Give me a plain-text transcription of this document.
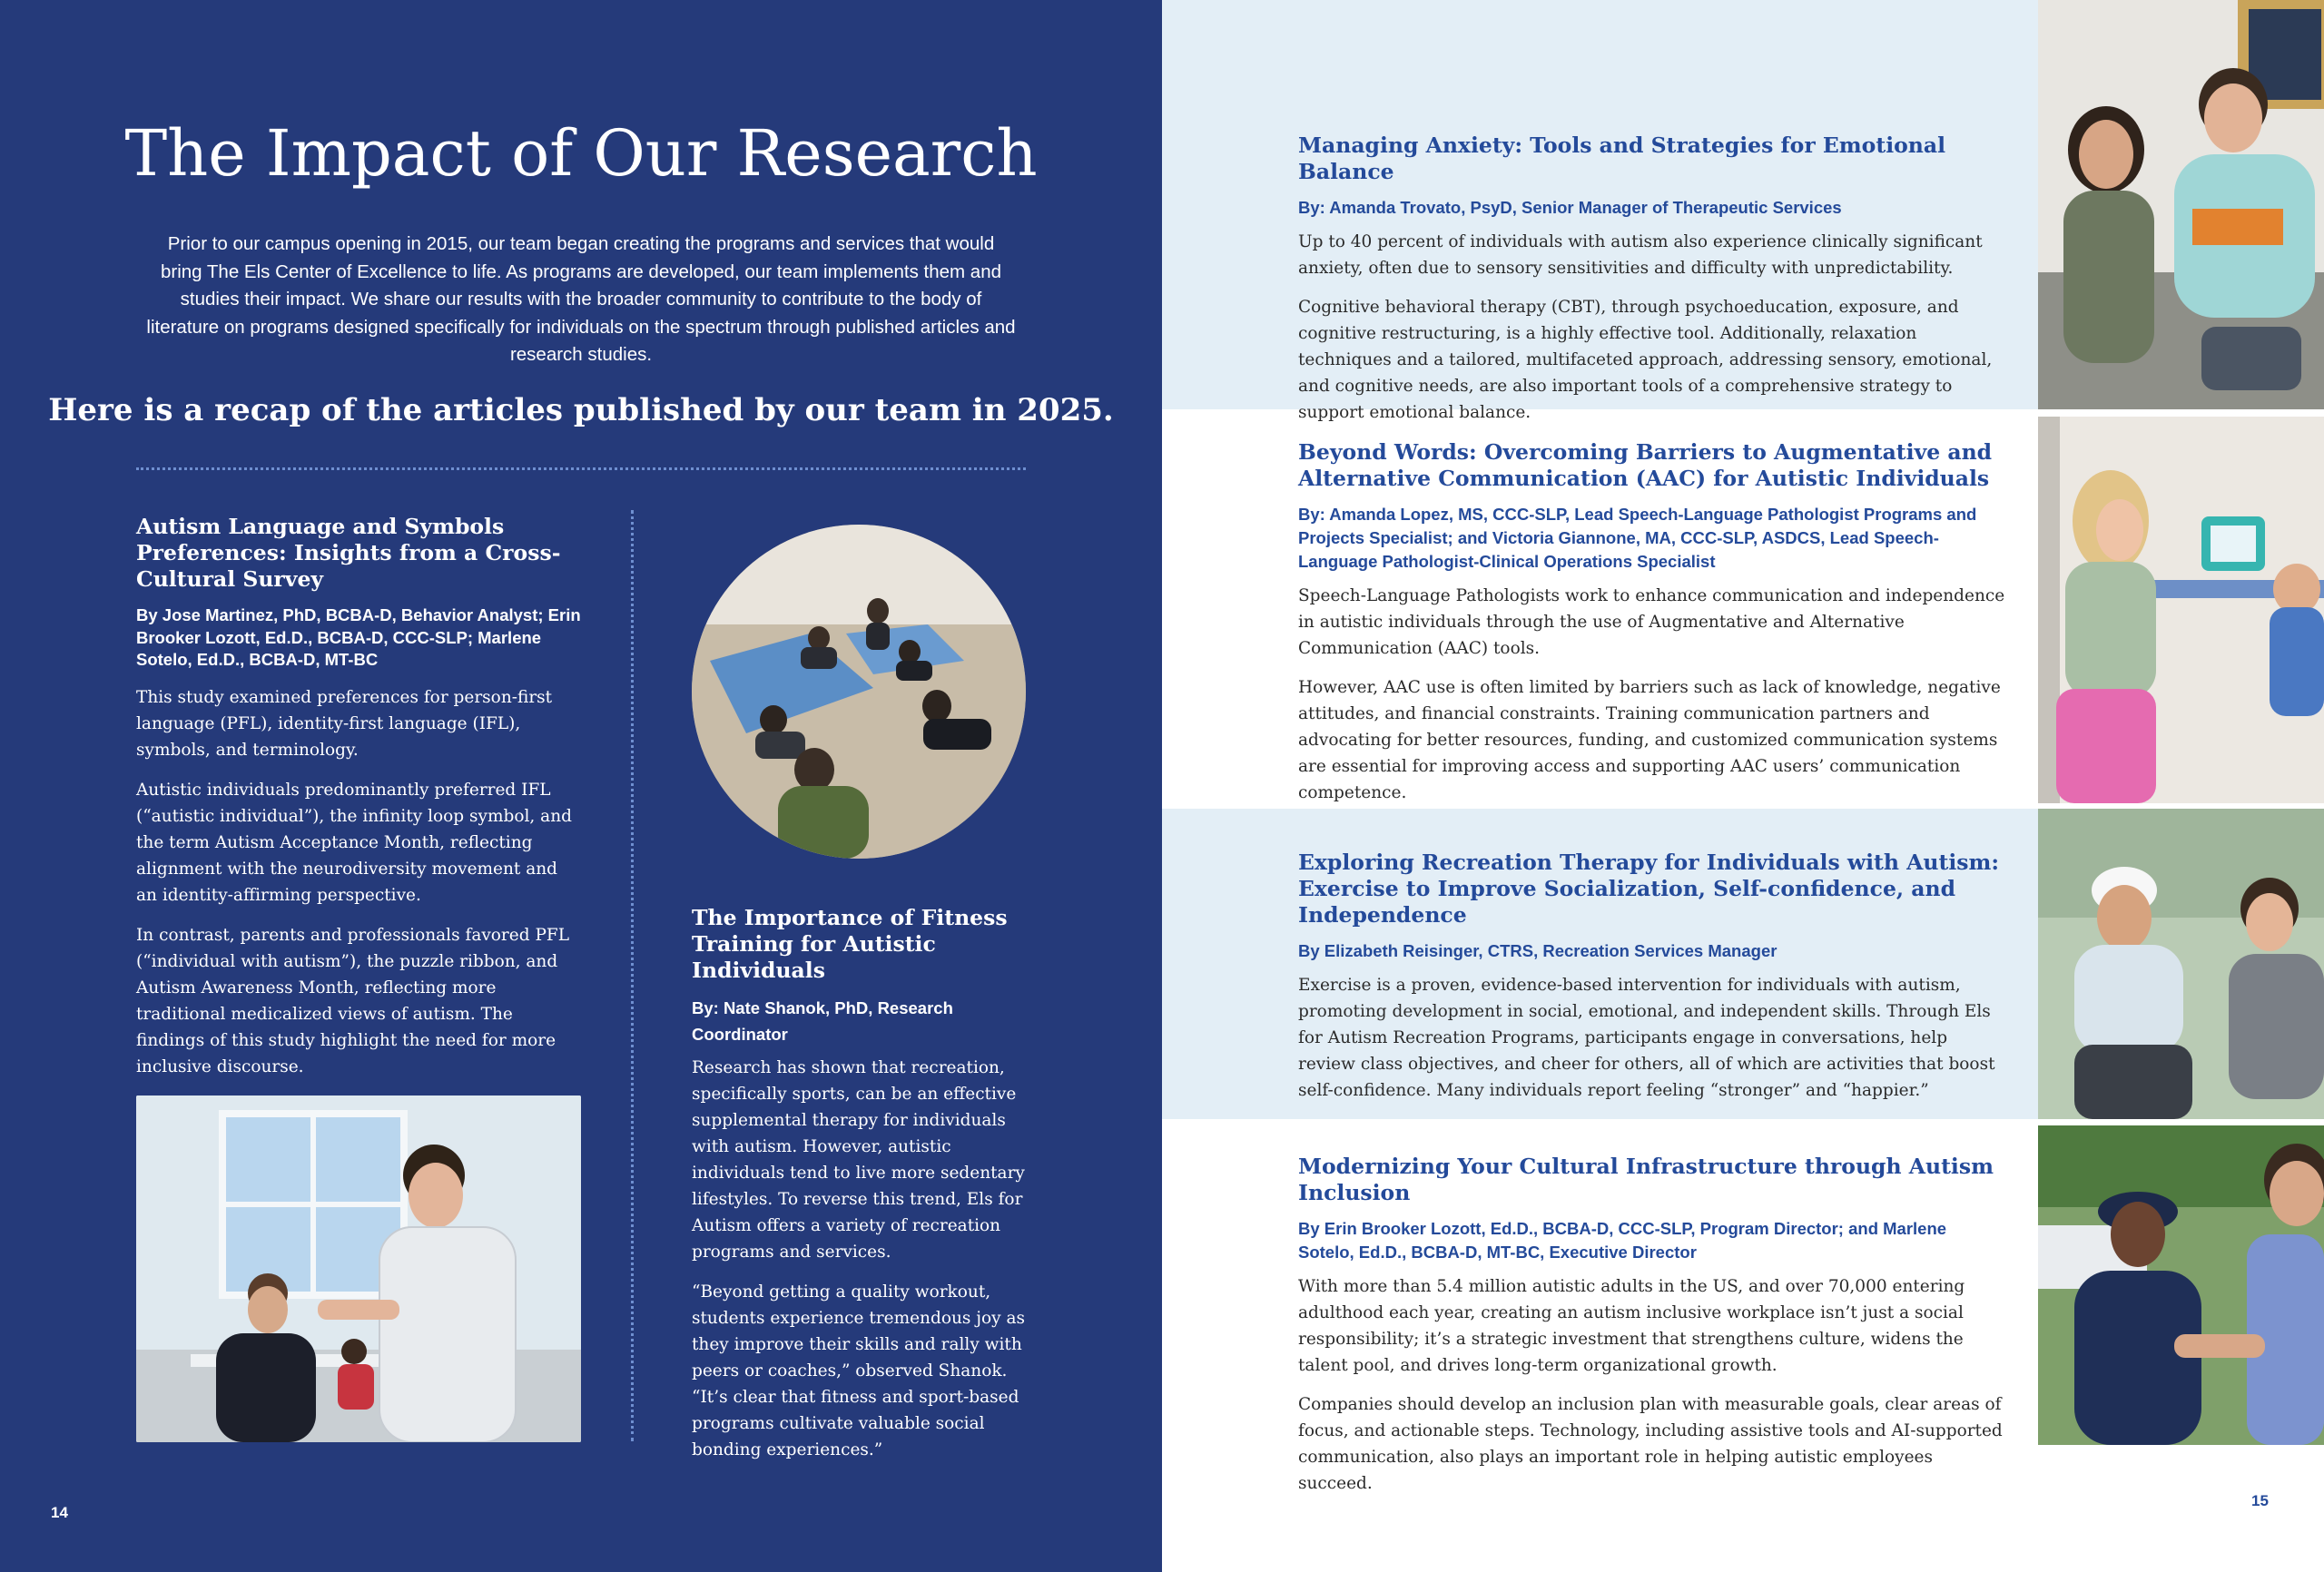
The Impact of Our Research

Prior to our campus opening in 2015, our team began creating the programs and services that would bring The Els Center of Excellence to life. As programs are developed, our team implements them and studies their impact. We share our results with the broader community to contribute to the body of literature on programs designed specifically for individuals on the spectrum through published articles and research studies.

Here is a recap of the articles published by our team in 2025.
Autism Language and Symbols Preferences: Insights from a Cross-Cultural Survey

By Jose Martinez, PhD, BCBA-D, Behavior Analyst; Erin Brooker Lozott, Ed.D., BCBA-D, CCC-SLP; Marlene Sotelo, Ed.D., BCBA-D, MT-BC

This study examined preferences for person-first language (PFL), identity-first language (IFL), symbols, and terminology.

Autistic individuals predominantly preferred IFL (“autistic individual”), the infinity loop symbol, and the term Autism Acceptance Month, reflecting alignment with the neurodiversity movement and an identity-affirming perspective.

In contrast, parents and professionals favored PFL (“individual with autism”), the puzzle ribbon, and Autism Awareness Month, reflecting more traditional medicalized views of autism. The findings of this study highlight the need for more inclusive discourse.

The Importance of Fitness Training for Autistic Individuals

By: Nate Shanok, PhD, Research Coordinator

Research has shown that recreation, specifically sports, can be an effective supplemental therapy for individuals with autism. However, autistic individuals tend to live more sedentary lifestyles. To reverse this trend, Els for Autism offers a variety of recreation programs and services.

“Beyond getting a quality workout, students experience tremendous joy as they improve their skills and rally with peers or coaches,” observed Shanok. “It’s clear that fitness and sport-based programs cultivate valuable social bonding experiences.”

14
Managing Anxiety: Tools and Strategies for Emotional Balance

By: Amanda Trovato, PsyD, Senior Manager of Therapeutic Services

Up to 40 percent of individuals with autism also experience clinically significant anxiety, often due to sensory sensitivities and difficulty with unpredictability.

Cognitive behavioral therapy (CBT), through psychoeducation, exposure, and cognitive restructuring, is a highly effective tool. Additionally, relaxation techniques and a tailored, multifaceted approach, addressing sensory, emotional, and cognitive needs, are also important tools of a comprehensive strategy to support emotional balance.

Beyond Words: Overcoming Barriers to Augmentative and Alternative Communication (AAC) for Autistic Individuals

By: Amanda Lopez, MS, CCC-SLP, Lead Speech-Language Pathologist Programs and Projects Specialist; and Victoria Giannone, MA, CCC-SLP, ASDCS, Lead Speech-Language Pathologist-Clinical Operations Specialist

Speech-Language Pathologists work to enhance communication and independence in autistic individuals through the use of Augmentative and Alternative Communication (AAC) tools.

However, AAC use is often limited by barriers such as lack of knowledge, negative attitudes, and financial constraints. Training communication partners and advocating for better resources, funding, and customized communication systems are essential for improving access and supporting AAC users’ communication competence.

Exploring Recreation Therapy for Individuals with Autism: Exercise to Improve Socialization, Self-confidence, and Independence

By Elizabeth Reisinger, CTRS, Recreation Services Manager

Exercise is a proven, evidence-based intervention for individuals with autism, promoting development in social, emotional, and independent skills. Through Els for Autism Recreation Programs, participants engage in conversations, help review class objectives, and cheer for others, all of which are activities that boost self-confidence. Many individuals report feeling “stronger” and “happier.”

Modernizing Your Cultural Infrastructure through Autism Inclusion

By Erin Brooker Lozott, Ed.D., BCBA-D, CCC-SLP, Program Director; and Marlene Sotelo, Ed.D., BCBA-D, MT-BC, Executive Director

With more than 5.4 million autistic adults in the US, and over 70,000 entering adulthood each year, creating an autism inclusive workplace isn’t just a social responsibility; it’s a strategic investment that strengthens culture, widens the talent pool, and drives long-term organizational growth.

Companies should develop an inclusion plan with measurable goals, clear areas of focus, and actionable steps. Technology, including assistive tools and AI-supported communication, also plays an important role in helping autistic employees succeed.

15
